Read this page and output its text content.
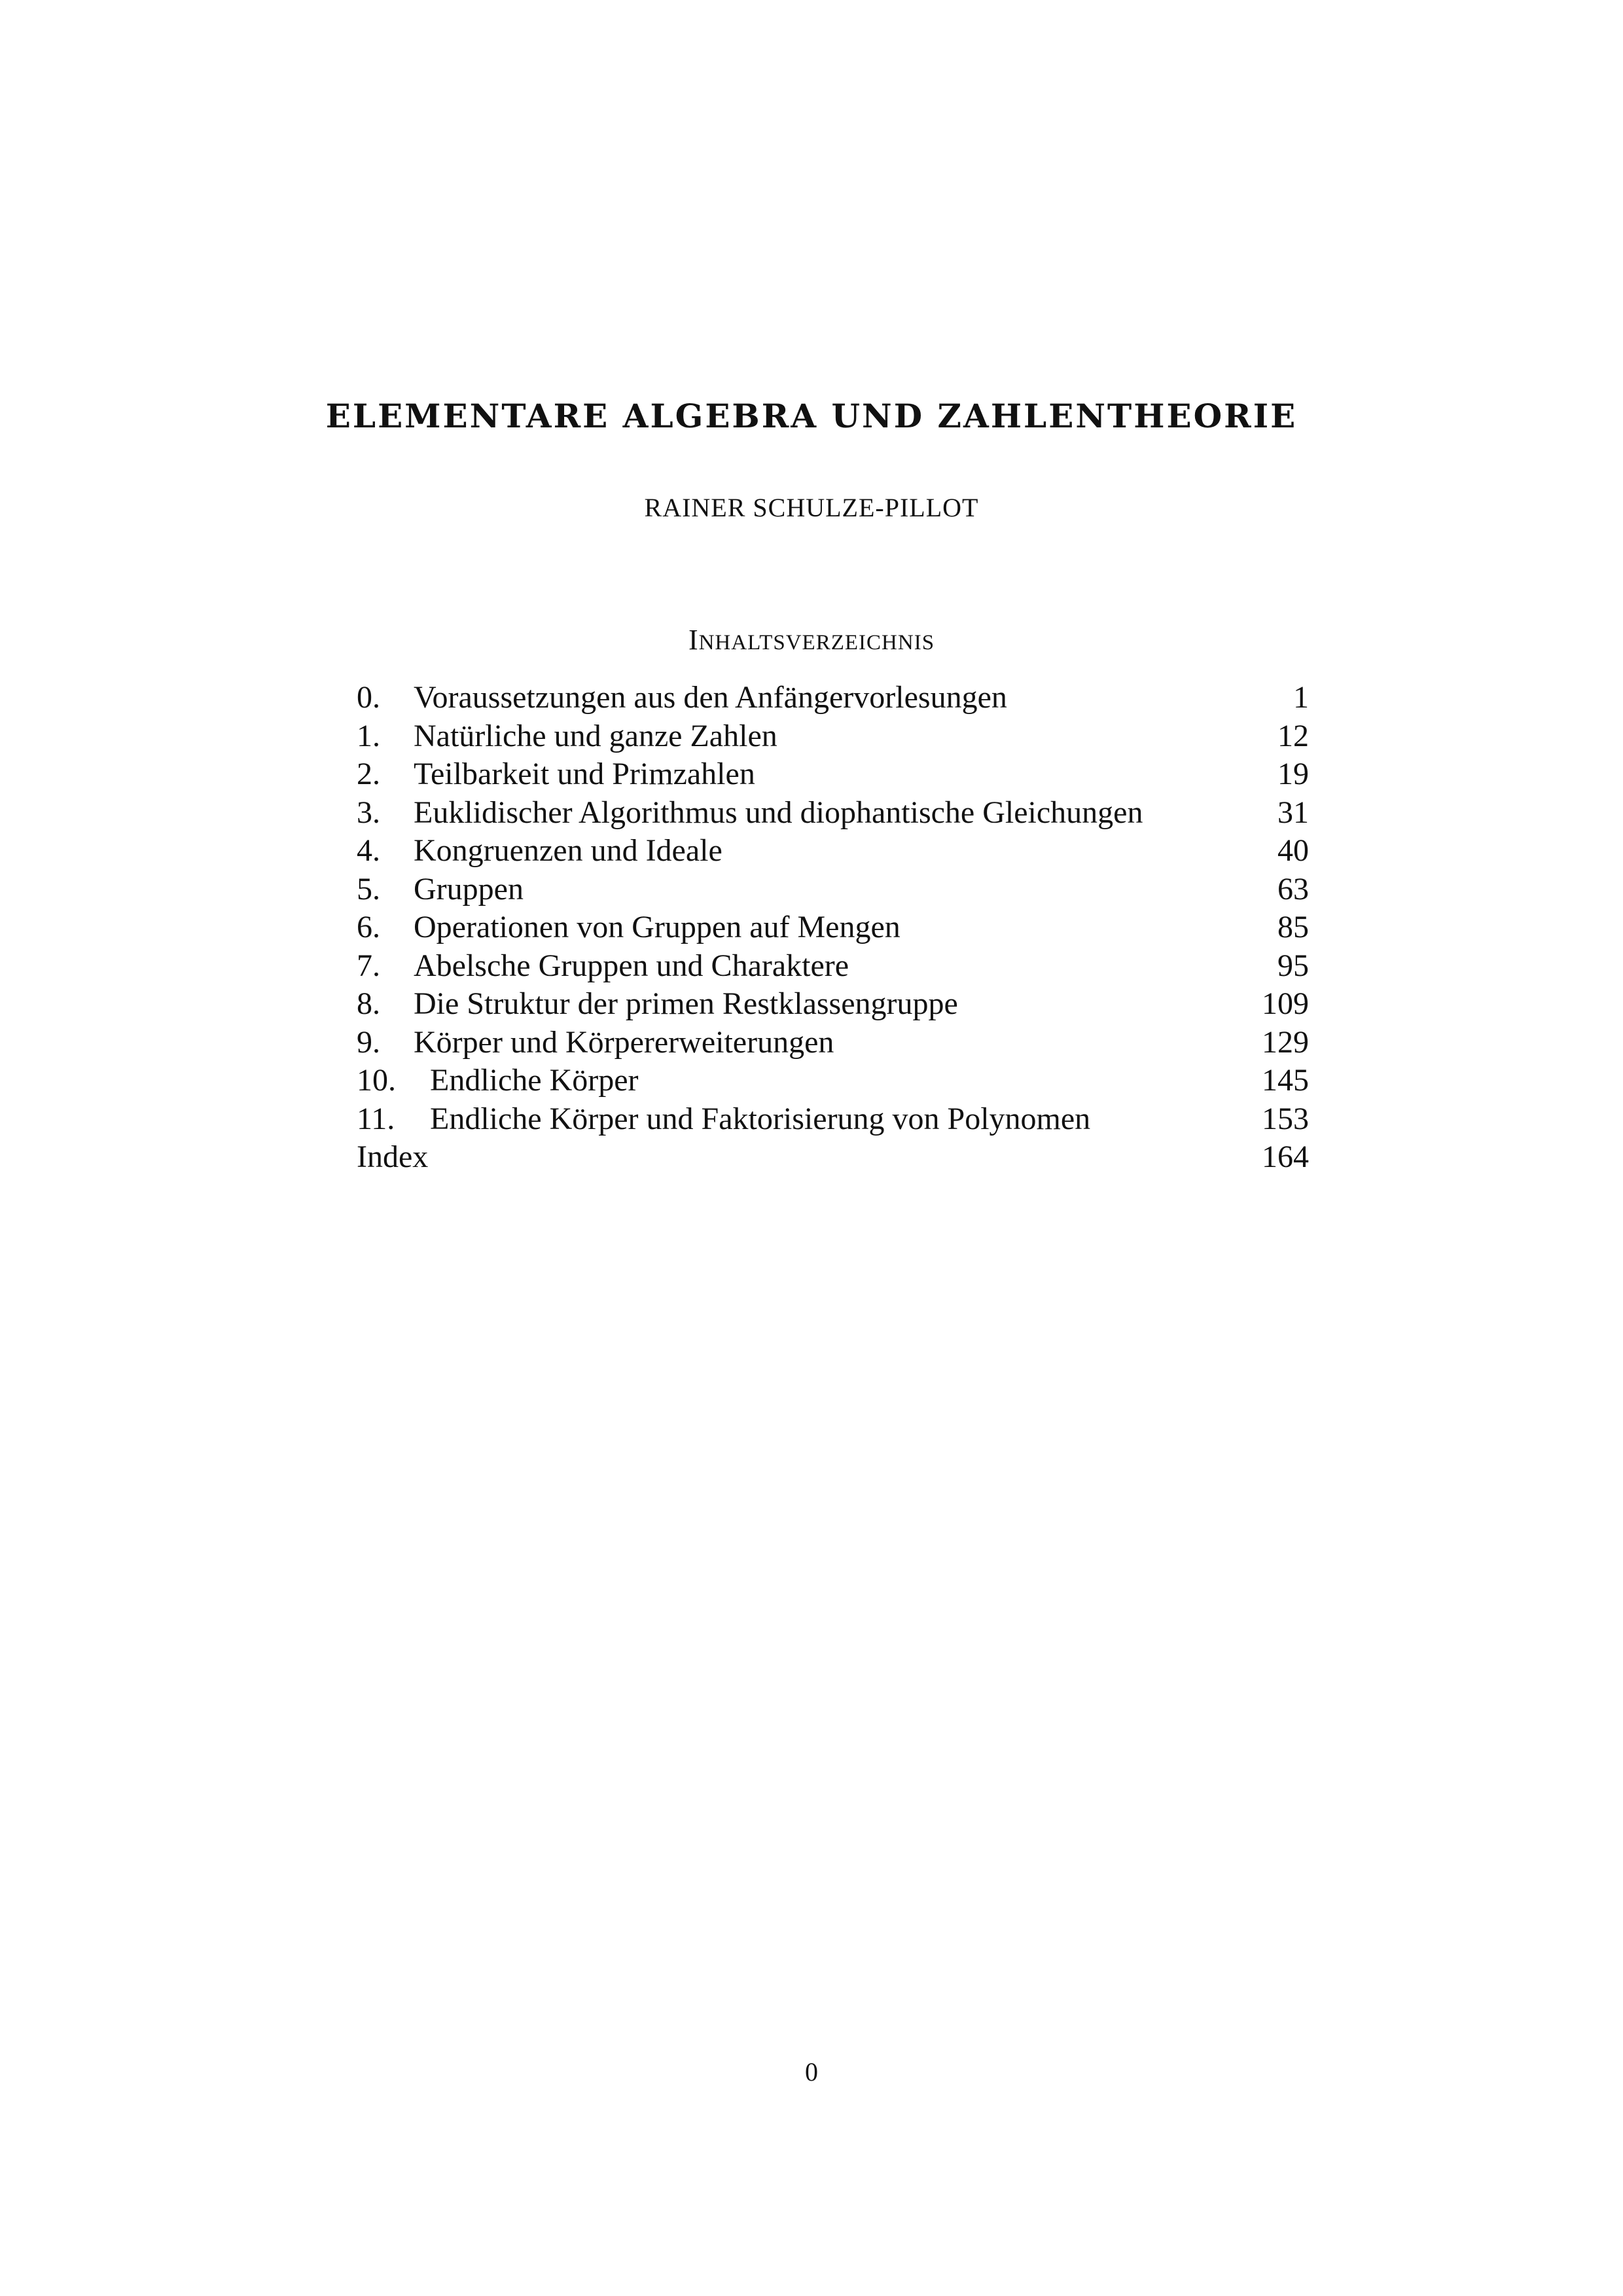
ELEMENTARE ALGEBRA UND ZAHLENTHEORIE
RAINER SCHULZE-PILLOT
INHALTSVERZEICHNIS
0. Voraussetzungen aus den Anfängervorlesungen	1
1. Natürliche und ganze Zahlen	12
2. Teilbarkeit und Primzahlen	19
3. Euklidischer Algorithmus und diophantische Gleichungen	31
4. Kongruenzen und Ideale	40
5. Gruppen	63
6. Operationen von Gruppen auf Mengen	85
7. Abelsche Gruppen und Charaktere	95
8. Die Struktur der primen Restklassengruppe	109
9. Körper und Körpererweiterungen	129
10. Endliche Körper	145
11. Endliche Körper und Faktorisierung von Polynomen	153
Index	164
0
